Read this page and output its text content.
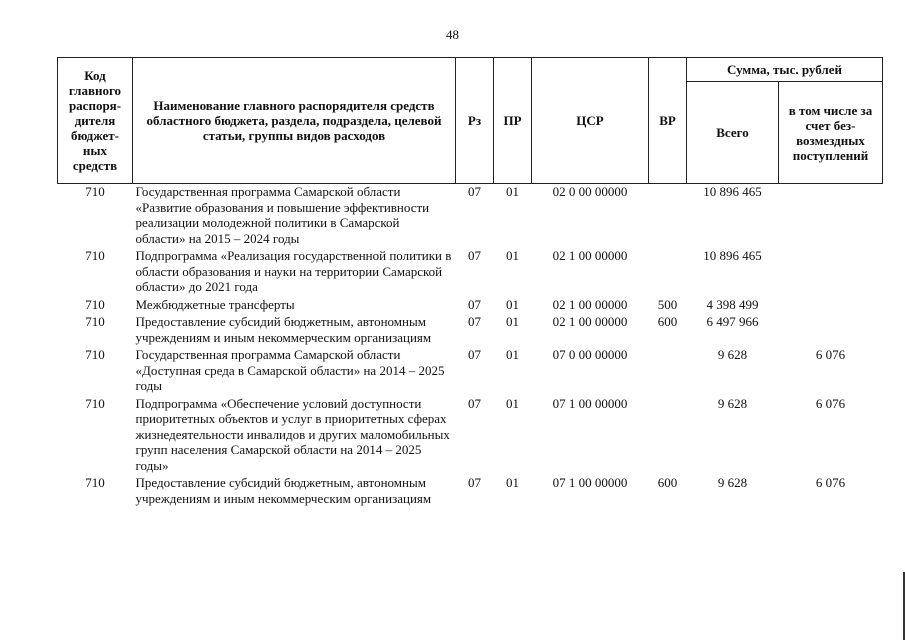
48
Код главного распоря-дителя бюджет-ных средств	Наименование главного распорядителя средств областного бюджета, раздела, подраздела, целевой статьи, группы видов расходов	Рз	ПР	ЦСР	ВР	Сумма, тыс. рублей	
						Всего	в том числе за счет без-возмездных поступлений
710	Государственная программа Самарской области «Развитие образования и повышение эффективности реализации молодежной политики в Самарской области» на 2015 – 2024 годы	07	01	02 0 00 00000		10 896 465	
710	Подпрограмма «Реализация государственной политики в области образования и науки на территории Самарской области» до 2021 года	07	01	02 1 00 00000		10 896 465	
710	Межбюджетные трансферты	07	01	02 1 00 00000	500	4 398 499	
710	Предоставление субсидий бюджетным, автономным учреждениям и иным некоммерческим организациям	07	01	02 1 00 00000	600	6 497 966	
710	Государственная программа Самарской области «Доступная среда в Самарской области» на 2014 – 2025 годы	07	01	07 0 00 00000		9 628	6 076
710	Подпрограмма «Обеспечение условий доступности приоритетных объектов и услуг в приоритетных сферах жизнедеятельности инвалидов и других маломобильных групп населения Самарской области на 2014 – 2025 годы»	07	01	07 1 00 00000		9 628	6 076
710	Предоставление субсидий бюджетным, автономным учреждениям и иным некоммерческим организациям	07	01	07 1 00 00000	600	9 628	6 076
